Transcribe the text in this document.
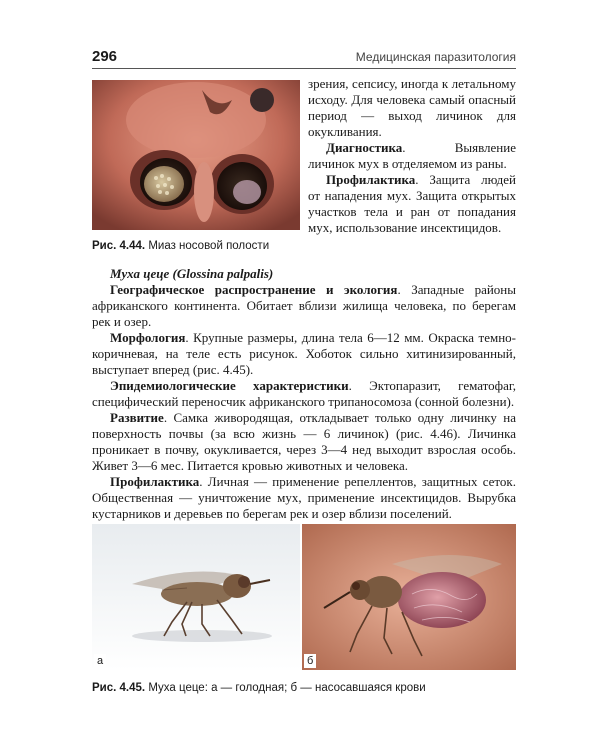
296	Медицинская паразитология
Рис. 4.44. Миаз носовой полости

зрения, сепсису, иногда к летальному исходу. Для человека самый опасный период — выход личинок для окукливания.

Диагностика. Выявление личинок мух в отделяемом из раны.

Профилактика. Защита людей от нападения мух. Защита открытых участков тела и ран от попадания мух, использование инсектицидов.

Муха цеце (Glossina palpalis)

Географическое распространение и экология. Западные районы африканского континента. Обитает вблизи жилища человека, по берегам рек и озер.

Морфология. Крупные размеры, длина тела 6—12 мм. Окраска темно-коричневая, на теле есть рисунок. Хоботок сильно хитинизированный, выступает вперед (рис. 4.45).

Эпидемиологические характеристики. Эктопаразит, гематофаг, специфический переносчик африканского трипаносомоза (сонной болезни).

Развитие. Самка живородящая, откладывает только одну личинку на поверхность почвы (за всю жизнь — 6 личинок) (рис. 4.46). Личинка проникает в почву, окукливается, через 3—4 нед выходит взрослая особь. Живет 3—6 мес. Питается кровью животных и человека.

Профилактика. Личная — применение репеллентов, защитных сеток. Общественная — уничтожение мух, применение инсектицидов. Вырубка кустарников и деревьев по берегам рек и озер вблизи поселений.

а	б
Рис. 4.45. Муха цеце: а — голодная; б — насосавшаяся крови
